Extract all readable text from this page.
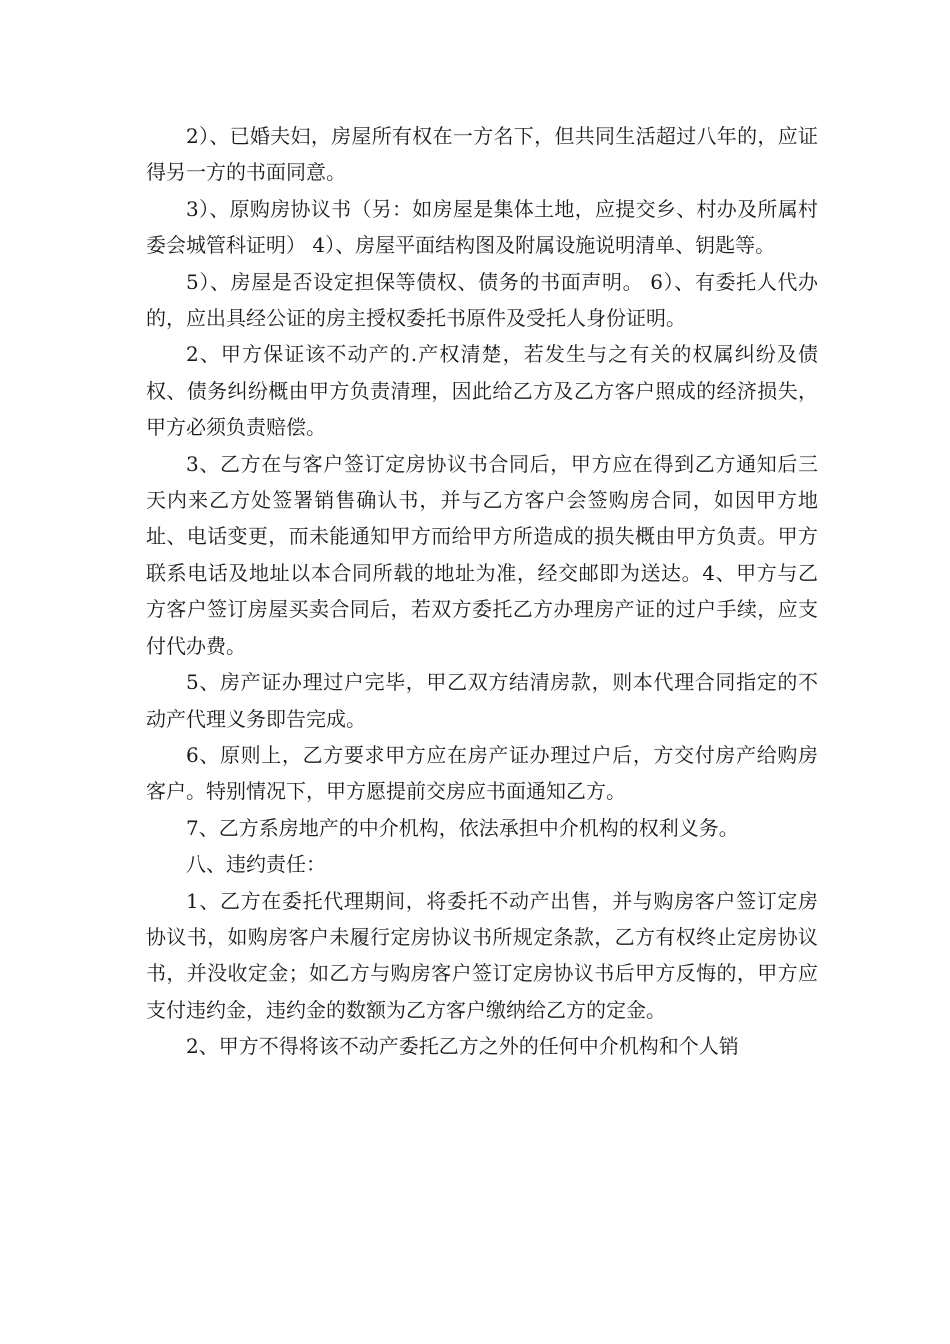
2）、已婚夫妇，房屋所有权在一方名下，但共同生活超过八年的，应证得另一方的书面同意。

3）、原购房协议书（另：如房屋是集体土地，应提交乡、村办及所属村委会城管科证明） 4）、房屋平面结构图及附属设施说明清单、钥匙等。

5）、房屋是否设定担保等债权、债务的书面声明。 6）、有委托人代办的，应出具经公证的房主授权委托书原件及受托人身份证明。

2、甲方保证该不动产的.产权清楚，若发生与之有关的权属纠纷及债权、债务纠纷概由甲方负责清理，因此给乙方及乙方客户照成的经济损失，甲方必须负责赔偿。

3、乙方在与客户签订定房协议书合同后，甲方应在得到乙方通知后三天内来乙方处签署销售确认书，并与乙方客户会签购房合同，如因甲方地址、电话变更，而未能通知甲方而给甲方所造成的损失概由甲方负责。甲方联系电话及地址以本合同所载的地址为准，经交邮即为送达。4、甲方与乙方客户签订房屋买卖合同后，若双方委托乙方办理房产证的过户手续，应支付代办费。

5、房产证办理过户完毕，甲乙双方结清房款，则本代理合同指定的不动产代理义务即告完成。

6、原则上，乙方要求甲方应在房产证办理过户后，方交付房产给购房客户。特别情况下，甲方愿提前交房应书面通知乙方。

7、乙方系房地产的中介机构，依法承担中介机构的权利义务。

八、违约责任：

1、乙方在委托代理期间，将委托不动产出售，并与购房客户签订定房协议书，如购房客户未履行定房协议书所规定条款，乙方有权终止定房协议书，并没收定金；如乙方与购房客户签订定房协议书后甲方反悔的，甲方应支付违约金，违约金的数额为乙方客户缴纳给乙方的定金。

2、甲方不得将该不动产委托乙方之外的任何中介机构和个人销
